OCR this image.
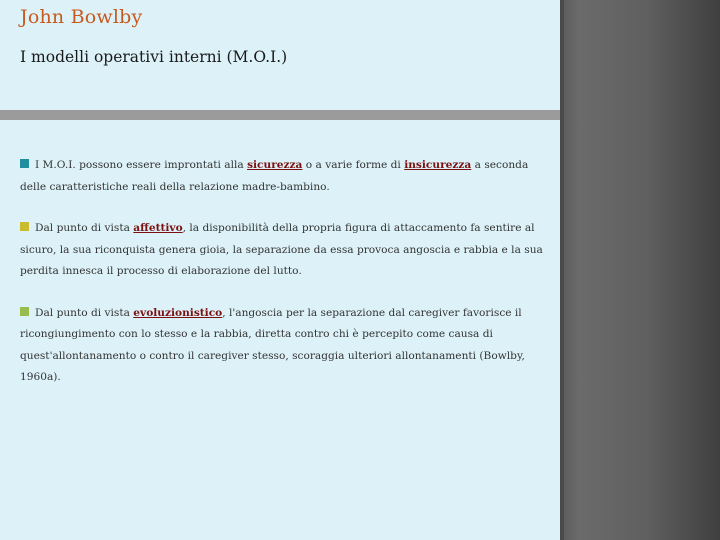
John Bowlby
I modelli operativi interni (M.O.I.)

I M.O.I. possono essere improntati alla sicurezza o a varie forme di insicurezza a seconda delle caratteristiche reali della relazione madre-bambino.

Dal punto di vista affettivo, la disponibilità della propria figura di attaccamento fa sentire al sicuro, la sua riconquista genera gioia, la separazione da essa provoca angoscia e rabbia e la sua perdita innesca il processo di elaborazione del lutto.

Dal punto di vista evoluzionistico, l'angoscia per la separazione dal caregiver favorisce il ricongiungimento con lo stesso e la rabbia, diretta contro chi è percepito come causa di quest'allontanamento o contro il caregiver stesso, scoraggia ulteriori allontanamenti (Bowlby, 1960a).
